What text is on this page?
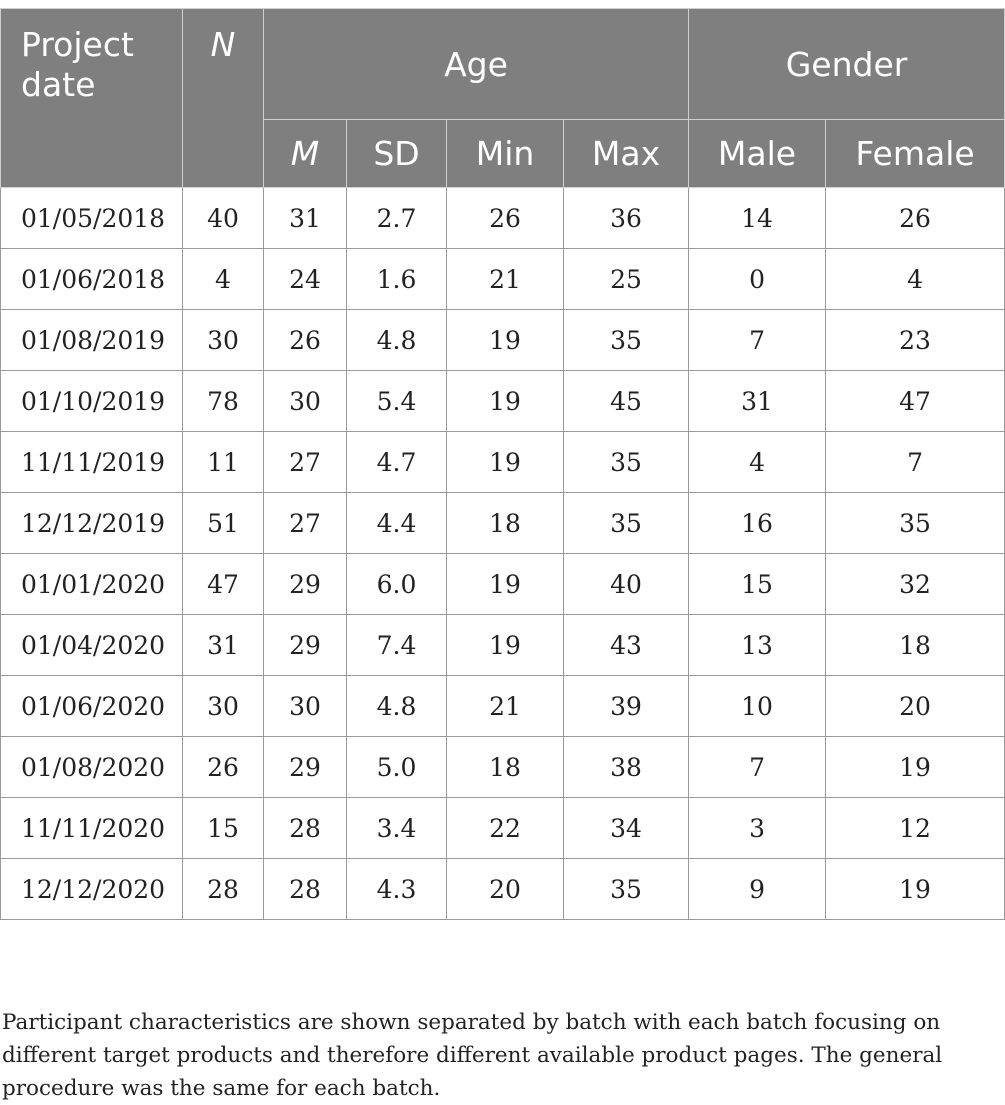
Project date	N	Age				Gender	
		M	SD	Min	Max	Male	Female
01/05/2018	40	31	2.7	26	36	14	26
01/06/2018	4	24	1.6	21	25	0	4
01/08/2019	30	26	4.8	19	35	7	23
01/10/2019	78	30	5.4	19	45	31	47
11/11/2019	11	27	4.7	19	35	4	7
12/12/2019	51	27	4.4	18	35	16	35
01/01/2020	47	29	6.0	19	40	15	32
01/04/2020	31	29	7.4	19	43	13	18
01/06/2020	30	30	4.8	21	39	10	20
01/08/2020	26	29	5.0	18	38	7	19
11/11/2020	15	28	3.4	22	34	3	12
12/12/2020	28	28	4.3	20	35	9	19

Participant characteristics are shown separated by batch with each batch focusing on different target products and therefore different available product pages. The general procedure was the same for each batch.
